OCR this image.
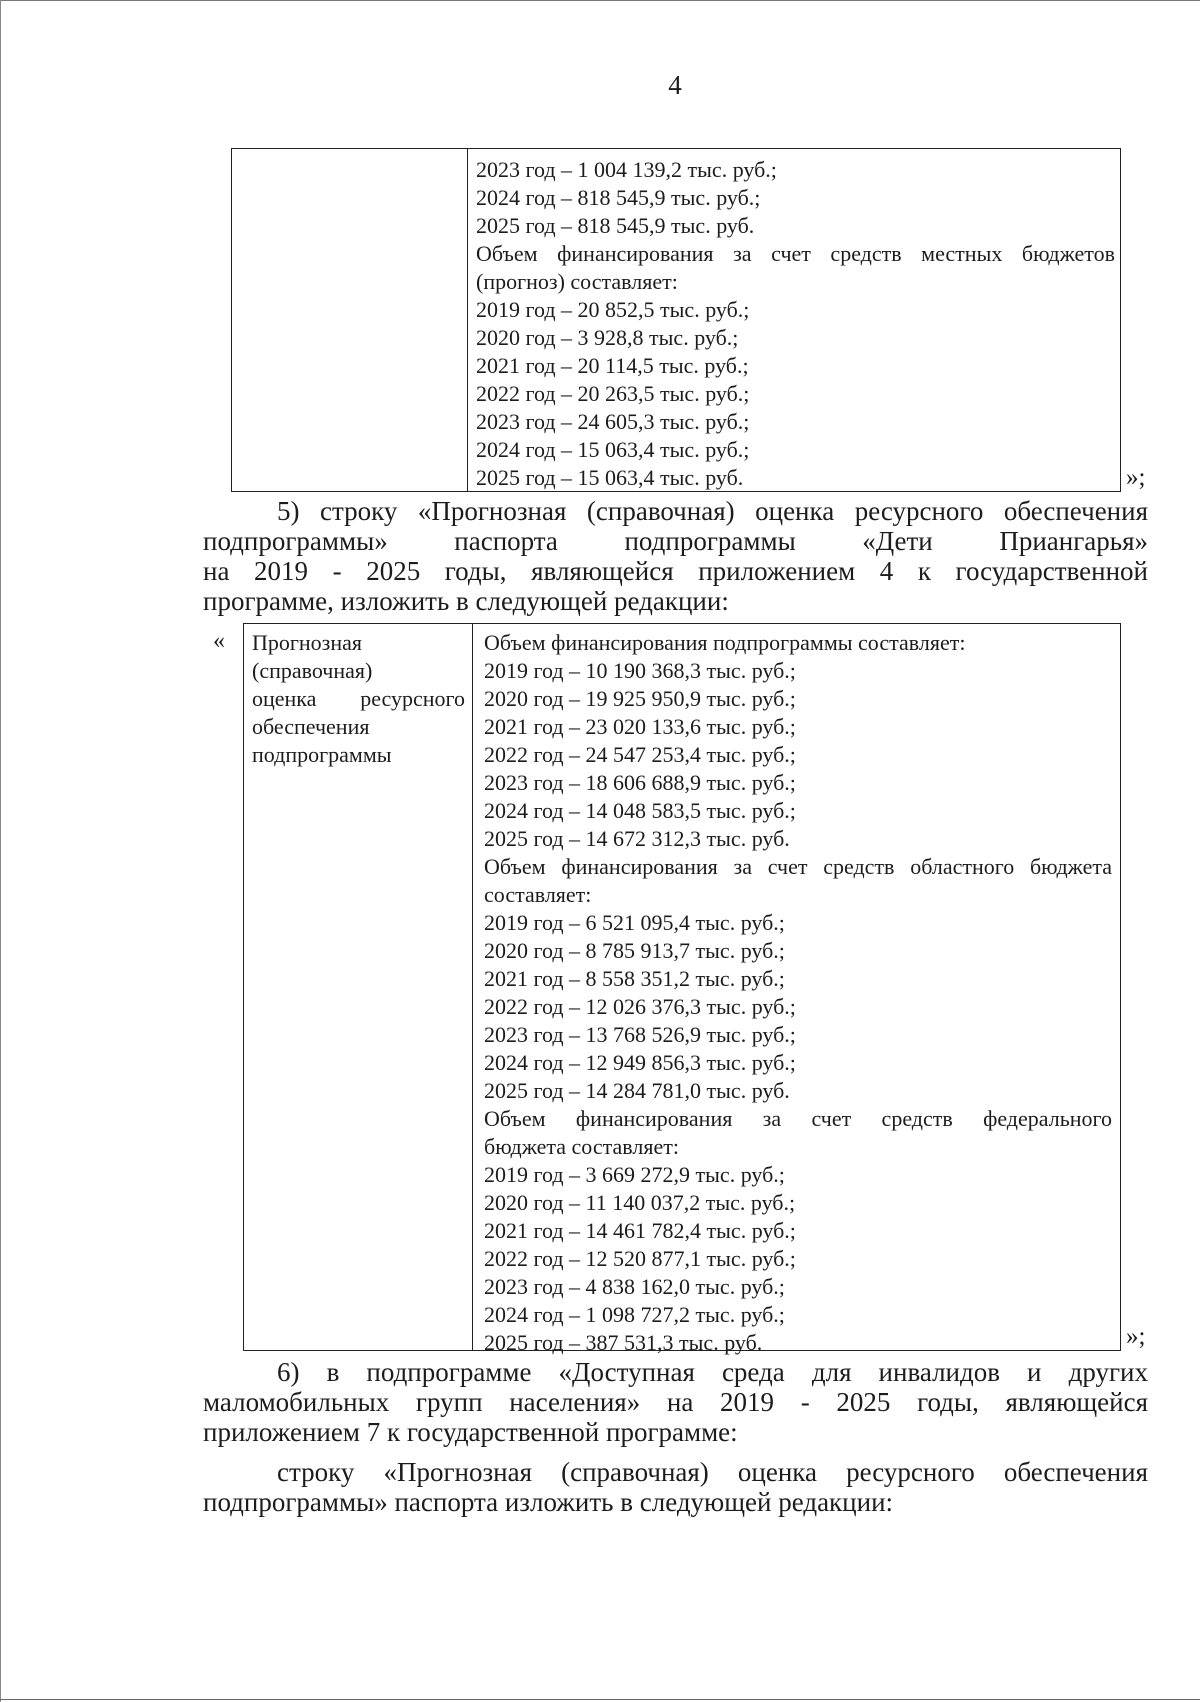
4
2023 год – 1 004 139,2 тыс. руб.;
2024 год – 818 545,9 тыс. руб.;
2025 год – 818 545,9 тыс. руб.
Объем финансирования за счет средств местных бюджетов
(прогноз) составляет:
2019 год – 20 852,5 тыс. руб.;
2020 год – 3 928,8 тыс. руб.;
2021 год – 20 114,5 тыс. руб.;
2022 год – 20 263,5 тыс. руб.;
2023 год – 24 605,3 тыс. руб.;
2024 год – 15 063,4 тыс. руб.;
2025 год – 15 063,4 тыс. руб.	»;
5) строку «Прогнозная (справочная) оценка ресурсного обеспечения
подпрограммы» паспорта подпрограммы «Дети Приангарья»
на 2019 - 2025 годы, являющейся приложением 4 к государственной
программе, изложить в следующей редакции:
« Прогнозная
(справочная)
оценка ресурсного
обеспечения
подпрограммы
Объем финансирования подпрограммы составляет:
2019 год – 10 190 368,3 тыс. руб.;
2020 год – 19 925 950,9 тыс. руб.;
2021 год – 23 020 133,6 тыс. руб.;
2022 год – 24 547 253,4 тыс. руб.;
2023 год – 18 606 688,9 тыс. руб.;
2024 год – 14 048 583,5 тыс. руб.;
2025 год – 14 672 312,3 тыс. руб.
Объем финансирования за счет средств областного бюджета
составляет:
2019 год – 6 521 095,4 тыс. руб.;
2020 год – 8 785 913,7 тыс. руб.;
2021 год – 8 558 351,2 тыс. руб.;
2022 год – 12 026 376,3 тыс. руб.;
2023 год – 13 768 526,9 тыс. руб.;
2024 год – 12 949 856,3 тыс. руб.;
2025 год – 14 284 781,0 тыс. руб.
Объем финансирования за счет средств федерального
бюджета составляет:
2019 год – 3 669 272,9 тыс. руб.;
2020 год – 11 140 037,2 тыс. руб.;
2021 год – 14 461 782,4 тыс. руб.;
2022 год – 12 520 877,1 тыс. руб.;
2023 год – 4 838 162,0 тыс. руб.;
2024 год – 1 098 727,2 тыс. руб.;
2025 год – 387 531,3 тыс. руб.	»;
6) в подпрограмме «Доступная среда для инвалидов и других
маломобильных групп населения» на 2019 - 2025 годы, являющейся
приложением 7 к государственной программе:
строку «Прогнозная (справочная) оценка ресурсного обеспечения
подпрограммы» паспорта изложить в следующей редакции:
